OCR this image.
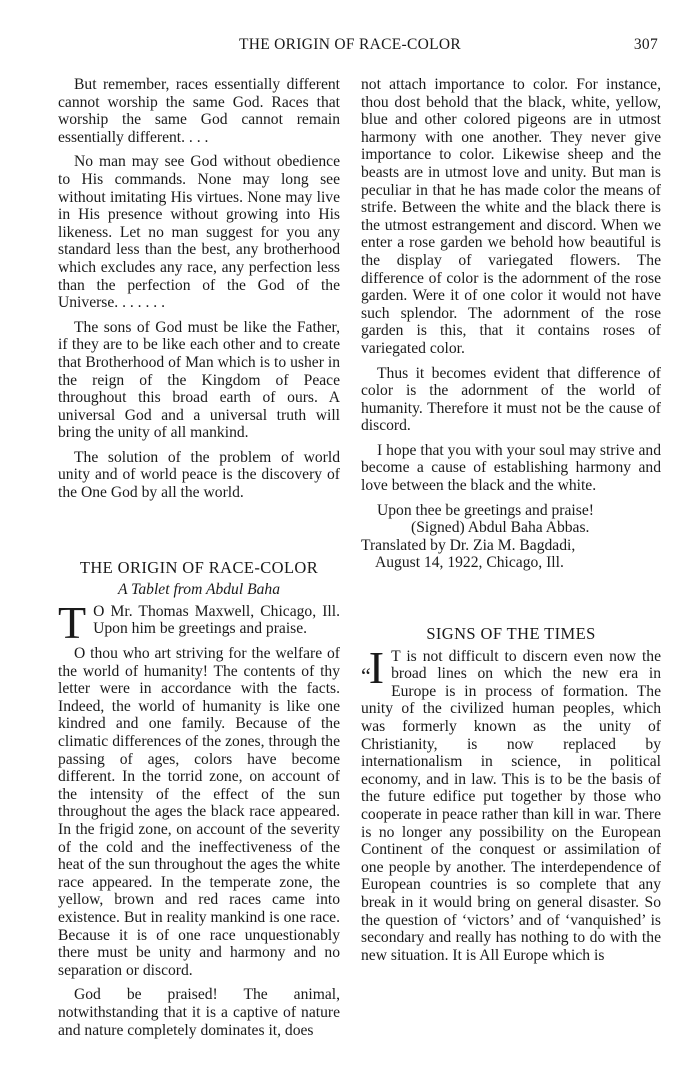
THE ORIGIN OF RACE-COLOR	307

But remember, races essentially different cannot worship the same God. Races that worship the same God cannot remain essentially different. . . .

No man may see God without obedience to His commands. None may long see without imitating His virtues. None may live in His presence without growing into His likeness. Let no man suggest for you any standard less than the best, any brotherhood which excludes any race, any perfection less than the perfection of the God of the Universe. . . . . . .

The sons of God must be like the Father, if they are to be like each other and to create that Brotherhood of Man which is to usher in the reign of the Kingdom of Peace throughout this broad earth of ours. A universal God and a universal truth will bring the unity of all mankind.

The solution of the problem of world unity and of world peace is the discovery of the One God by all the world.

THE ORIGIN OF RACE-COLOR
A Tablet from Abdul Baha

T O Mr. Thomas Maxwell, Chicago, Ill. Upon him be greetings and praise.

O thou who art striving for the welfare of the world of humanity! The contents of thy letter were in accordance with the facts. Indeed, the world of humanity is like one kindred and one family. Because of the climatic differences of the zones, through the passing of ages, colors have become different. In the torrid zone, on account of the intensity of the effect of the sun throughout the ages the black race appeared. In the frigid zone, on account of the severity of the cold and the ineffectiveness of the heat of the sun throughout the ages the white race appeared. In the temperate zone, the yellow, brown and red races came into existence. But in reality mankind is one race. Because it is of one race unquestionably there must be unity and harmony and no separation or discord.

God be praised! The animal, notwithstanding that it is a captive of nature and nature completely dominates it, does

not attach importance to color. For instance, thou dost behold that the black, white, yellow, blue and other colored pigeons are in utmost harmony with one another. They never give importance to color. Likewise sheep and the beasts are in utmost love and unity. But man is peculiar in that he has made color the means of strife. Between the white and the black there is the utmost estrangement and discord. When we enter a rose garden we behold how beautiful is the display of variegated flowers. The difference of color is the adornment of the rose garden. Were it of one color it would not have such splendor. The adornment of the rose garden is this, that it contains roses of variegated color.

Thus it becomes evident that difference of color is the adornment of the world of humanity. Therefore it must not be the cause of discord.

I hope that you with your soul may strive and become a cause of establishing harmony and love between the black and the white.

Upon thee be greetings and praise!

(Signed) Abdul Baha Abbas.

Translated by Dr. Zia M. Bagdadi,

August 14, 1922, Chicago, Ill.

SIGNS OF THE TIMES

“I T is not difficult to discern even now the broad lines on which the new era in Europe is in process of formation. The unity of the civilized human peoples, which was formerly known as the unity of Christianity, is now replaced by internationalism in science, in political economy, and in law. This is to be the basis of the future edifice put together by those who cooperate in peace rather than kill in war. There is no longer any possibility on the European Continent of the conquest or assimilation of one people by another. The interdependence of European countries is so complete that any break in it would bring on general disaster. So the question of ‘victors’ and of ‘vanquished’ is secondary and really has nothing to do with the new situation. It is All Europe which is
